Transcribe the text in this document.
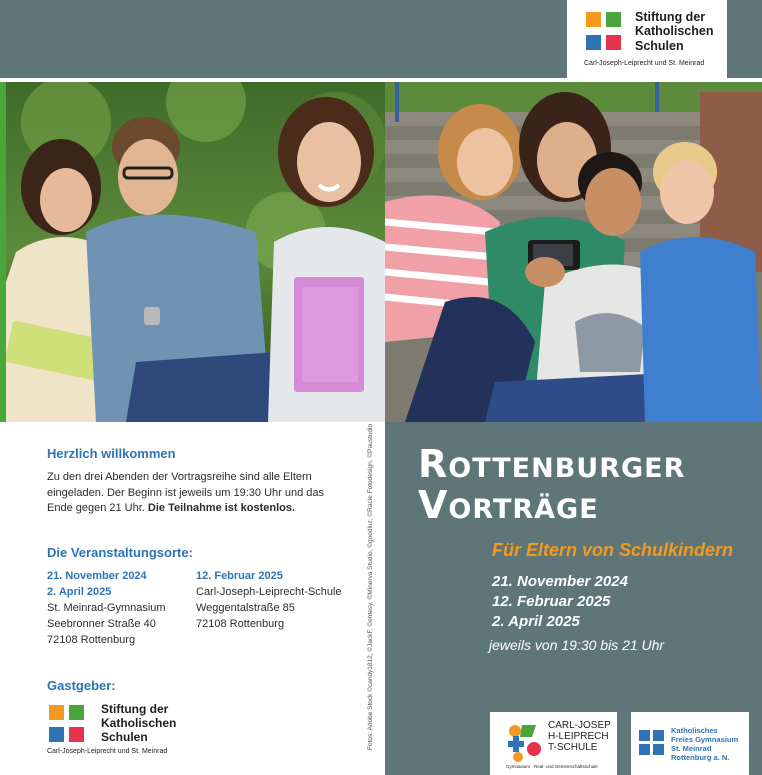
Stiftung der
Katholischen
Schulen
Carl-Joseph-Leiprecht und St. Meinrad
Rottenburger
Vorträge
Für Eltern von Schulkindern
21. November 2024
12. Februar 2025
2. April 2025
jeweils von 19:30 bis 21 Uhr
CARL-JOSEPH-LEIPRECHT-SCHULE
Gymnasium · Real- und Gemeinschaftsschule
Katholisches
Freies Gymnasium
St. Meinrad
Rottenburg a. N.
Herzlich willkommen
Zu den drei Abenden der Vortragsreihe sind alle Eltern eingeladen. Der Beginn ist jeweils um 19:30 Uhr und das Ende gegen 21 Uhr. Die Teilnahme ist kostenlos.
Die Veranstaltungsorte:
21. November 2024
2. April 2025
St. Meinrad-Gymnasium
Seebronner Straße 40
72108 Rottenburg
12. Februar 2025
Carl-Joseph-Leiprecht-Schule
Weggentalstraße 85
72108 Rottenburg
Gastgeber:
Stiftung der
Katholischen
Schulen
Carl-Joseph-Leiprecht und St. Meinrad
Fotos: Adobe Stock ©candy1812, ©JackF, ©ehtesy, ©Minerva Studio, ©goodluz, ©Racle Fotodesign, ©Paustudio
